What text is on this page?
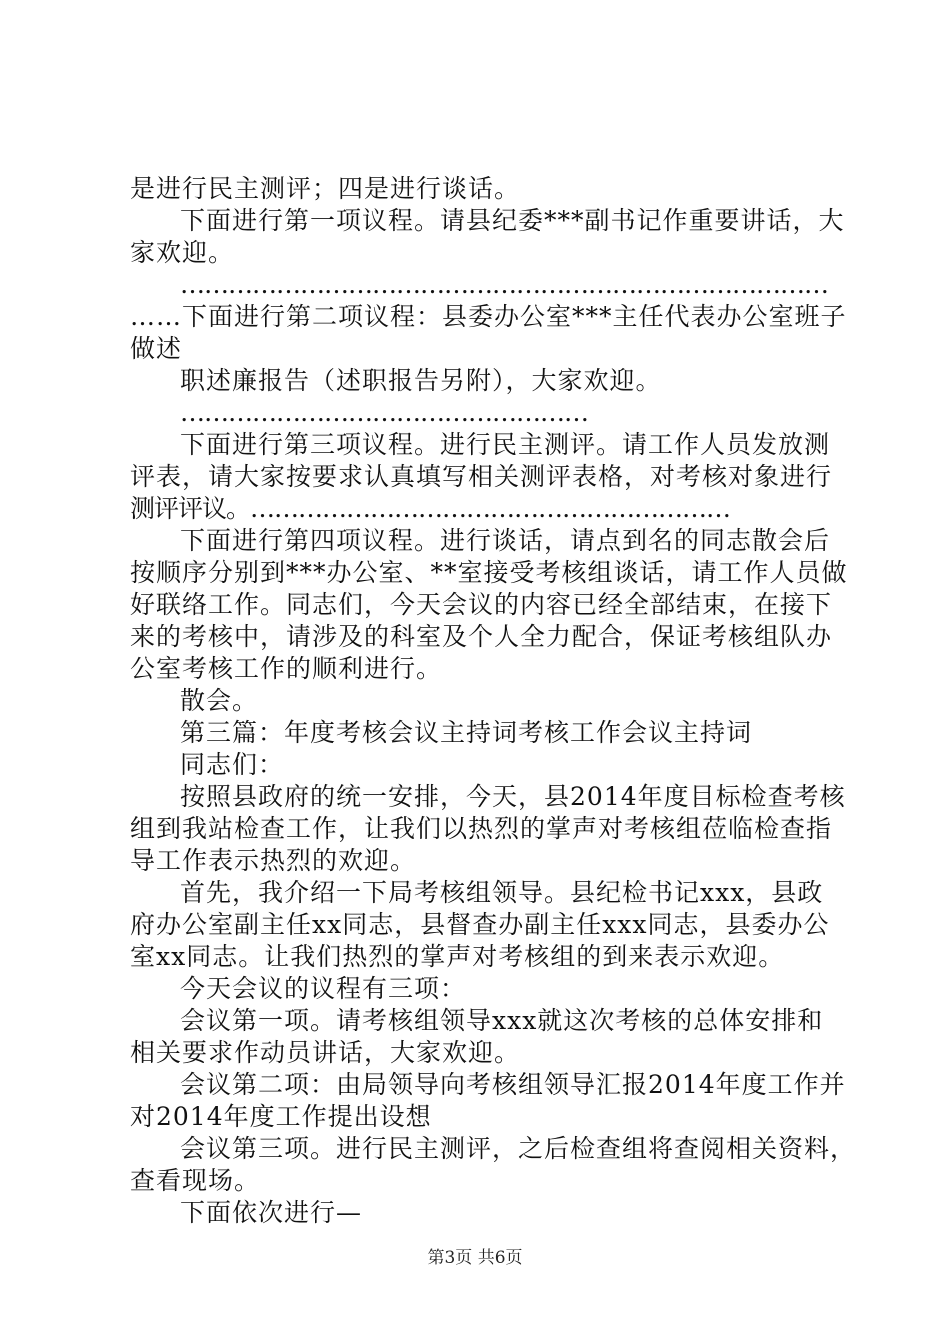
是进行民主测评；四是进行谈话。
下面进行第一项议程。请县纪委***副书记作重要讲话，大
家欢迎。
………………………………………………………………………
……下面进行第二项议程：县委办公室***主任代表办公室班子
做述
职述廉报告（述职报告另附），大家欢迎。
……………………………………………
下面进行第三项议程。进行民主测评。请工作人员发放测
评表，请大家按要求认真填写相关测评表格，对考核对象进行
测评评议。……………………………………………………
下面进行第四项议程。进行谈话，请点到名的同志散会后
按顺序分别到***办公室、**室接受考核组谈话，请工作人员做
好联络工作。同志们，今天会议的内容已经全部结束，在接下
来的考核中，请涉及的科室及个人全力配合，保证考核组队办
公室考核工作的顺利进行。
散会。
第三篇：年度考核会议主持词考核工作会议主持词
同志们：
按照县政府的统一安排，今天，县2014年度目标检查考核
组到我站检查工作，让我们以热烈的掌声对考核组莅临检查指
导工作表示热烈的欢迎。
首先，我介绍一下局考核组领导。县纪检书记xxx，县政
府办公室副主任xx同志，县督查办副主任xxx同志，县委办公
室xx同志。让我们热烈的掌声对考核组的到来表示欢迎。
今天会议的议程有三项：
会议第一项。请考核组领导xxx就这次考核的总体安排和
相关要求作动员讲话，大家欢迎。
会议第二项：由局领导向考核组领导汇报2014年度工作并
对2014年度工作提出设想
会议第三项。进行民主测评，之后检查组将查阅相关资料，
查看现场。
下面依次进行—
第3页 共6页
